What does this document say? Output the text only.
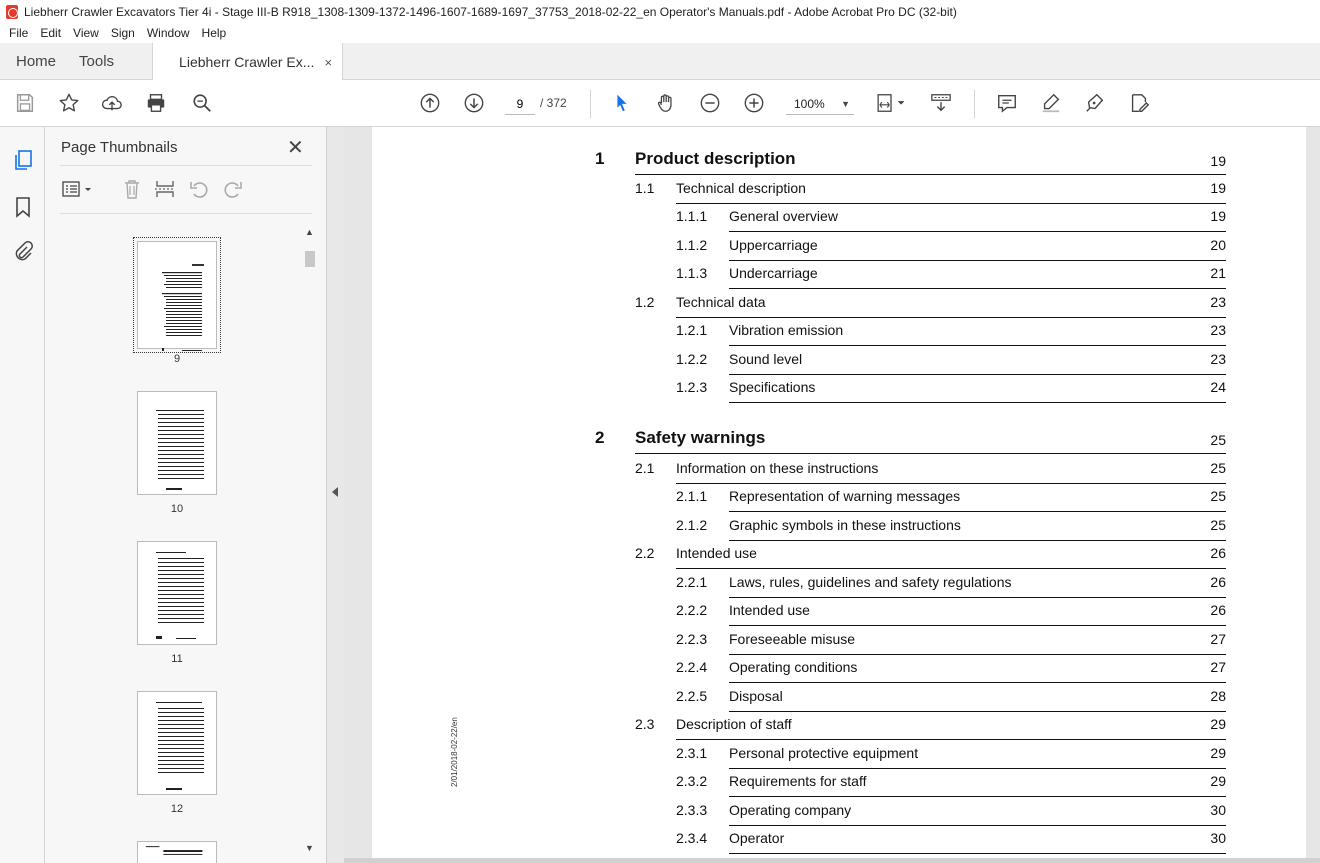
Liebherr Crawler Excavators Tier 4i - Stage III-B R918_1308-1309-1372-1496-1607-1689-1697_37753_2018-02-22_en Operator's Manuals.pdf - Adobe Acrobat Pro DC (32-bit)
File	Edit	View	Sign	Window	Help
Home	Tools	Liebherr Crawler Ex... ×
9
/ 372	100% ▼
Page Thumbnails	✕
9
10
11
12
▲
▼
2/01/2018-02-22/en
1 Product description	19
1.1 Technical description	19
1.1.1 General overview	19
1.1.2 Uppercarriage	20
1.1.3 Undercarriage	21
1.2 Technical data	23
1.2.1 Vibration emission	23
1.2.2 Sound level	23
1.2.3 Specifications	24
2 Safety warnings	25
2.1 Information on these instructions	25
2.1.1 Representation of warning messages	25
2.1.2 Graphic symbols in these instructions	25
2.2 Intended use	26
2.2.1 Laws, rules, guidelines and safety regulations	26
2.2.2 Intended use	26
2.2.3 Foreseeable misuse	27
2.2.4 Operating conditions	27
2.2.5 Disposal	28
2.3 Description of staff	29
2.3.1 Personal protective equipment	29
2.3.2 Requirements for staff	29
2.3.3 Operating company	30
2.3.4 Operator	30
